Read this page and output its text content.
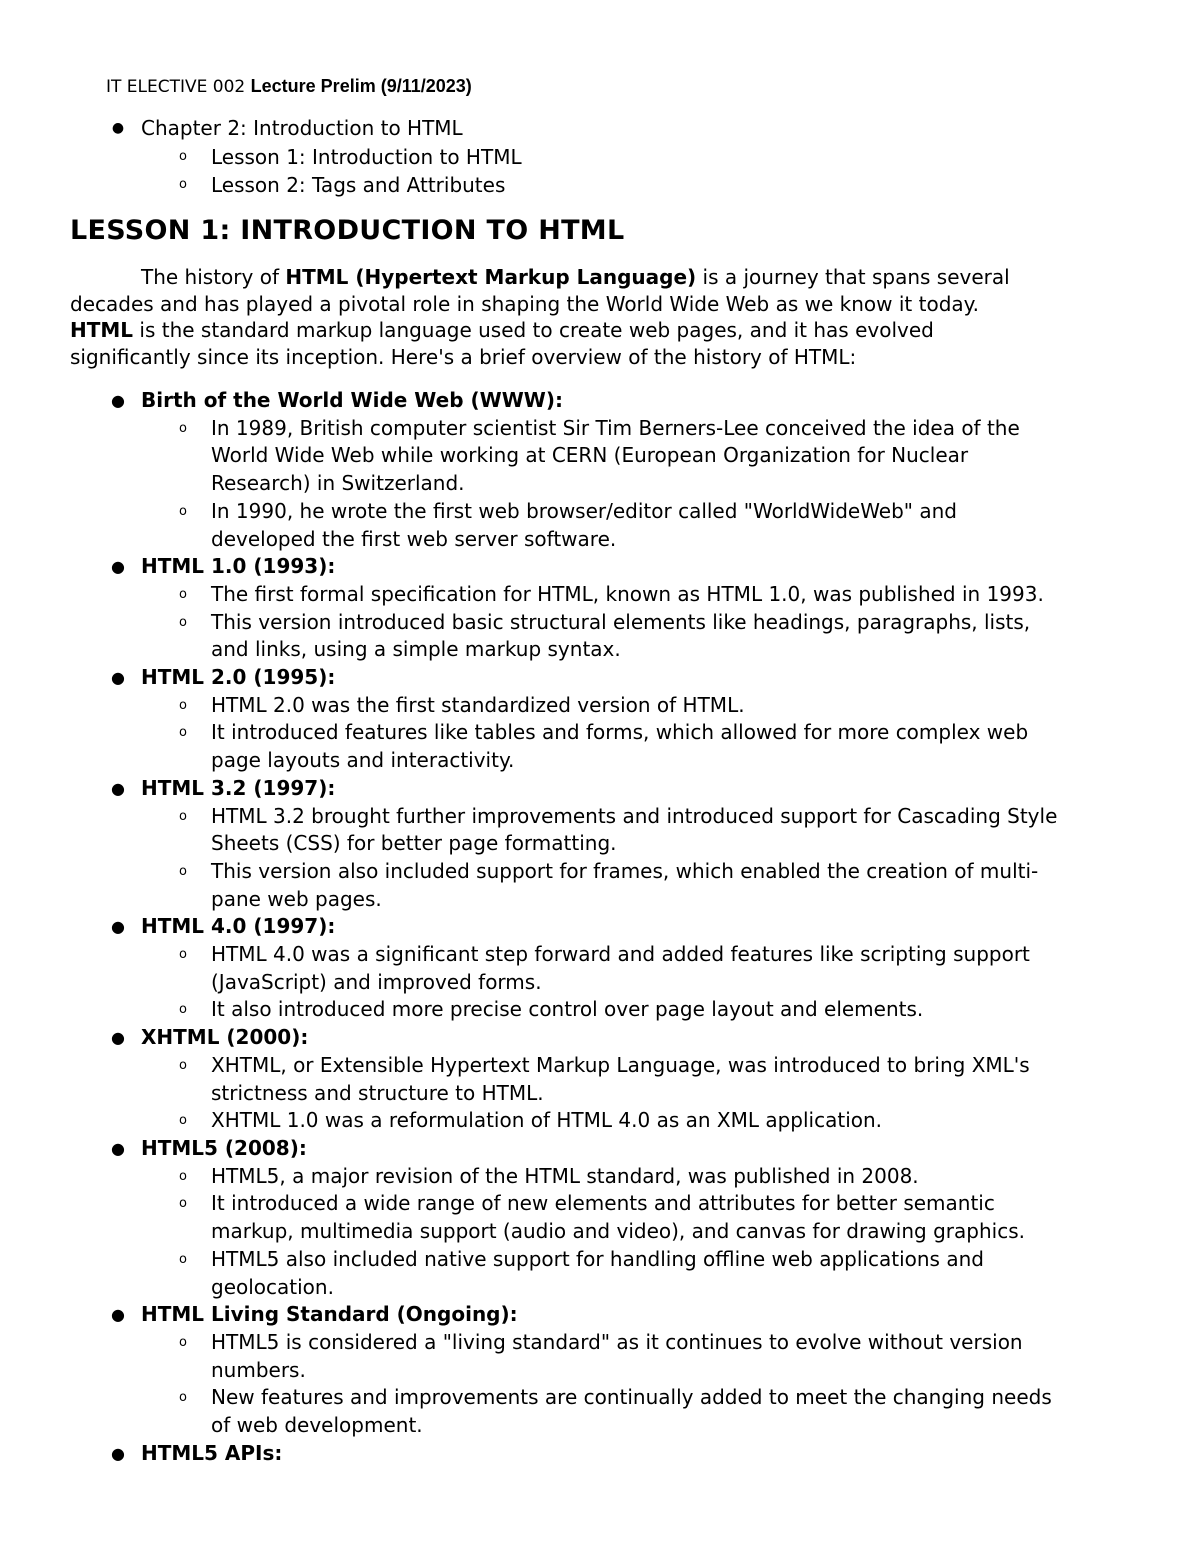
IT ELECTIVE 002 Lecture Prelim (9/11/2023)
● Chapter 2: Introduction to HTML
o	Lesson 1: Introduction to HTML
o	Lesson 2: Tags and Attributes
LESSON 1: INTRODUCTION TO HTML

The history of HTML (Hypertext Markup Language) is a journey that spans several
decades and has played a pivotal role in shaping the World Wide Web as we know it today.
HTML is the standard markup language used to create web pages, and it has evolved
significantly since its inception. Here's a brief overview of the history of HTML:

● Birth of the World Wide Web (WWW):
o	In 1989, British computer scientist Sir Tim Berners-Lee conceived the idea of the
World Wide Web while working at CERN (European Organization for Nuclear
Research) in Switzerland.
o	In 1990, he wrote the first web browser/editor called "WorldWideWeb" and
developed the first web server software.
● HTML 1.0 (1993):
o	The first formal specification for HTML, known as HTML 1.0, was published in 1993.
o	This version introduced basic structural elements like headings, paragraphs, lists,
and links, using a simple markup syntax.
● HTML 2.0 (1995):
o	HTML 2.0 was the first standardized version of HTML.
o	It introduced features like tables and forms, which allowed for more complex web
page layouts and interactivity.
● HTML 3.2 (1997):
o	HTML 3.2 brought further improvements and introduced support for Cascading Style
Sheets (CSS) for better page formatting.
o	This version also included support for frames, which enabled the creation of multi-
pane web pages.
● HTML 4.0 (1997):
o	HTML 4.0 was a significant step forward and added features like scripting support
(JavaScript) and improved forms.
o	It also introduced more precise control over page layout and elements.
● XHTML (2000):
o	XHTML, or Extensible Hypertext Markup Language, was introduced to bring XML's
strictness and structure to HTML.
o	XHTML 1.0 was a reformulation of HTML 4.0 as an XML application.
● HTML5 (2008):
o	HTML5, a major revision of the HTML standard, was published in 2008.
o	It introduced a wide range of new elements and attributes for better semantic
markup, multimedia support (audio and video), and canvas for drawing graphics.
o	HTML5 also included native support for handling offline web applications and
geolocation.
● HTML Living Standard (Ongoing):
o	HTML5 is considered a "living standard" as it continues to evolve without version
numbers.
o	New features and improvements are continually added to meet the changing needs
of web development.
● HTML5 APIs:
